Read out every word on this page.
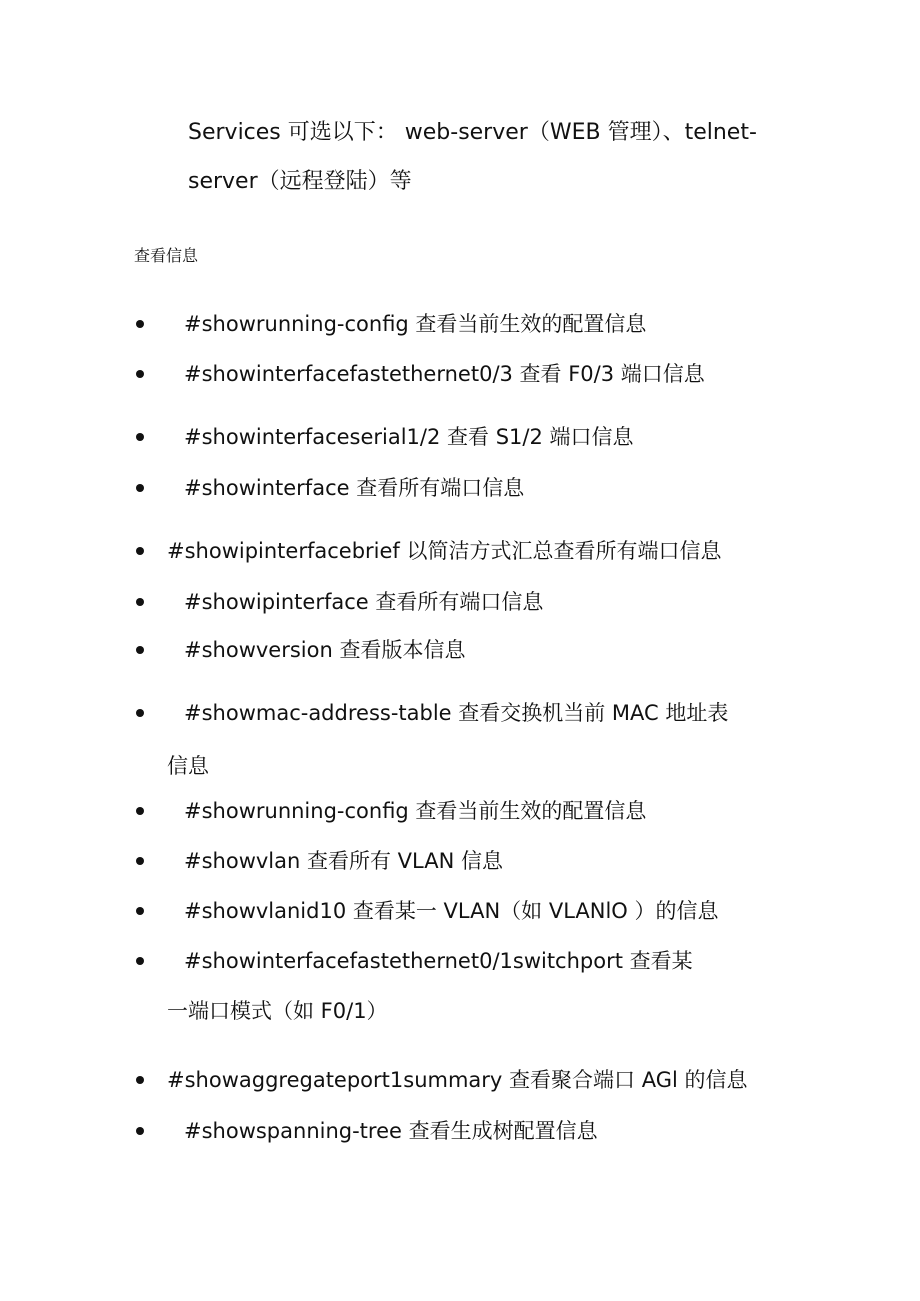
Services 可选以下： web-server（WEB 管理）、telnet-
server（远程登陆）等
查看信息
#showrunning-config 查看当前生效的配置信息
#showinterfacefastethernet0/3 查看 F0/3 端口信息
#showinterfaceserial1/2 查看 S1/2 端口信息
#showinterface 查看所有端口信息
#showipinterfacebrief 以简洁方式汇总查看所有端口信息
#showipinterface 查看所有端口信息
#showversion 查看版本信息
#showmac-address-table 查看交换机当前 MAC 地址表
信息
#showrunning-config 查看当前生效的配置信息
#showvlan 查看所有 VLAN 信息
#showvlanid10 查看某一 VLAN（如 VLANlO ）的信息
#showinterfacefastethernet0/1switchport 查看某
一端口模式（如 F0/1）
#showaggregateport1summary 查看聚合端口 AGl 的信息
#showspanning-tree 查看生成树配置信息
